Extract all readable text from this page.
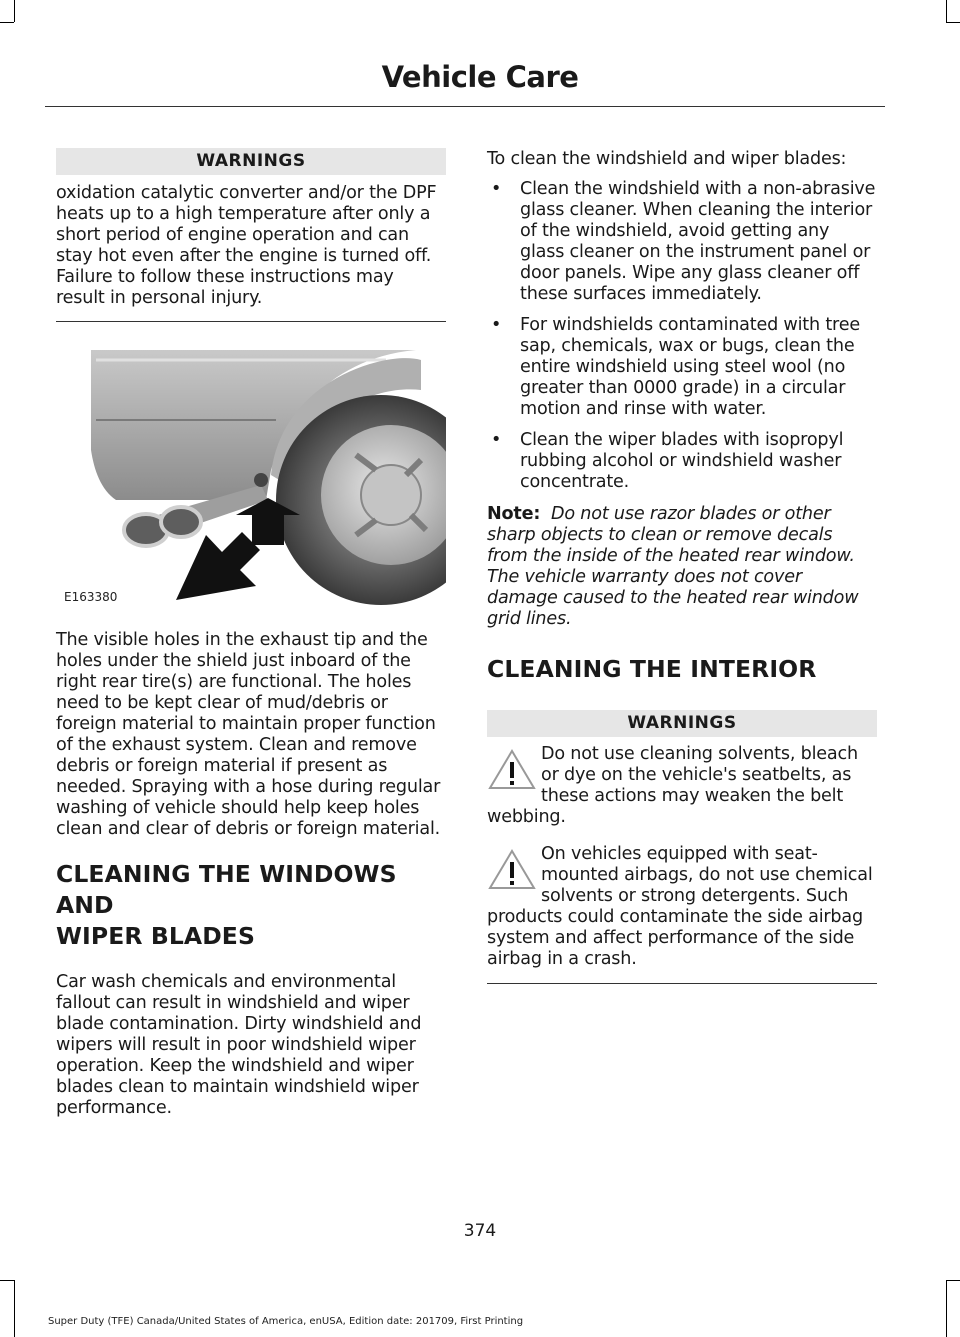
Vehicle Care
WARNINGS

oxidation catalytic converter and/or the DPF heats up to a high temperature after only a short period of engine operation and can stay hot even after the engine is turned off. Failure to follow these instructions may result in personal injury.

E163380

The visible holes in the exhaust tip and the holes under the shield just inboard of the right rear tire(s) are functional. The holes need to be kept clear of mud/debris or foreign material to maintain proper function of the exhaust system. Clean and remove debris or foreign material if present as needed. Spraying with a hose during regular washing of vehicle should help keep holes clean and clear of debris or foreign material.

CLEANING THE WINDOWS AND
WIPER BLADES

Car wash chemicals and environmental fallout can result in windshield and wiper blade contamination. Dirty windshield and wipers will result in poor windshield wiper operation. Keep the windshield and wiper blades clean to maintain windshield wiper performance.

To clean the windshield and wiper blades:

• Clean the windshield with a non-abrasive glass cleaner. When cleaning the interior of the windshield, avoid getting any glass cleaner on the instrument panel or door panels. Wipe any glass cleaner off these surfaces immediately.
• For windshields contaminated with tree sap, chemicals, wax or bugs, clean the entire windshield using steel wool (no greater than 0000 grade) in a circular motion and rinse with water.
• Clean the wiper blades with isopropyl rubbing alcohol or windshield washer concentrate.

Note: Do not use razor blades or other sharp objects to clean or remove decals from the inside of the heated rear window. The vehicle warranty does not cover damage caused to the heated rear window grid lines.

CLEANING THE INTERIOR
WARNINGS
Do not use cleaning solvents, bleach or dye on the vehicle's seatbelts, as these actions may weaken the belt webbing.
On vehicles equipped with seat-mounted airbags, do not use chemical solvents or strong detergents. Such products could contaminate the side airbag system and affect performance of the side airbag in a crash.
374
Super Duty (TFE) Canada/United States of America, enUSA, Edition date: 201709, First Printing
